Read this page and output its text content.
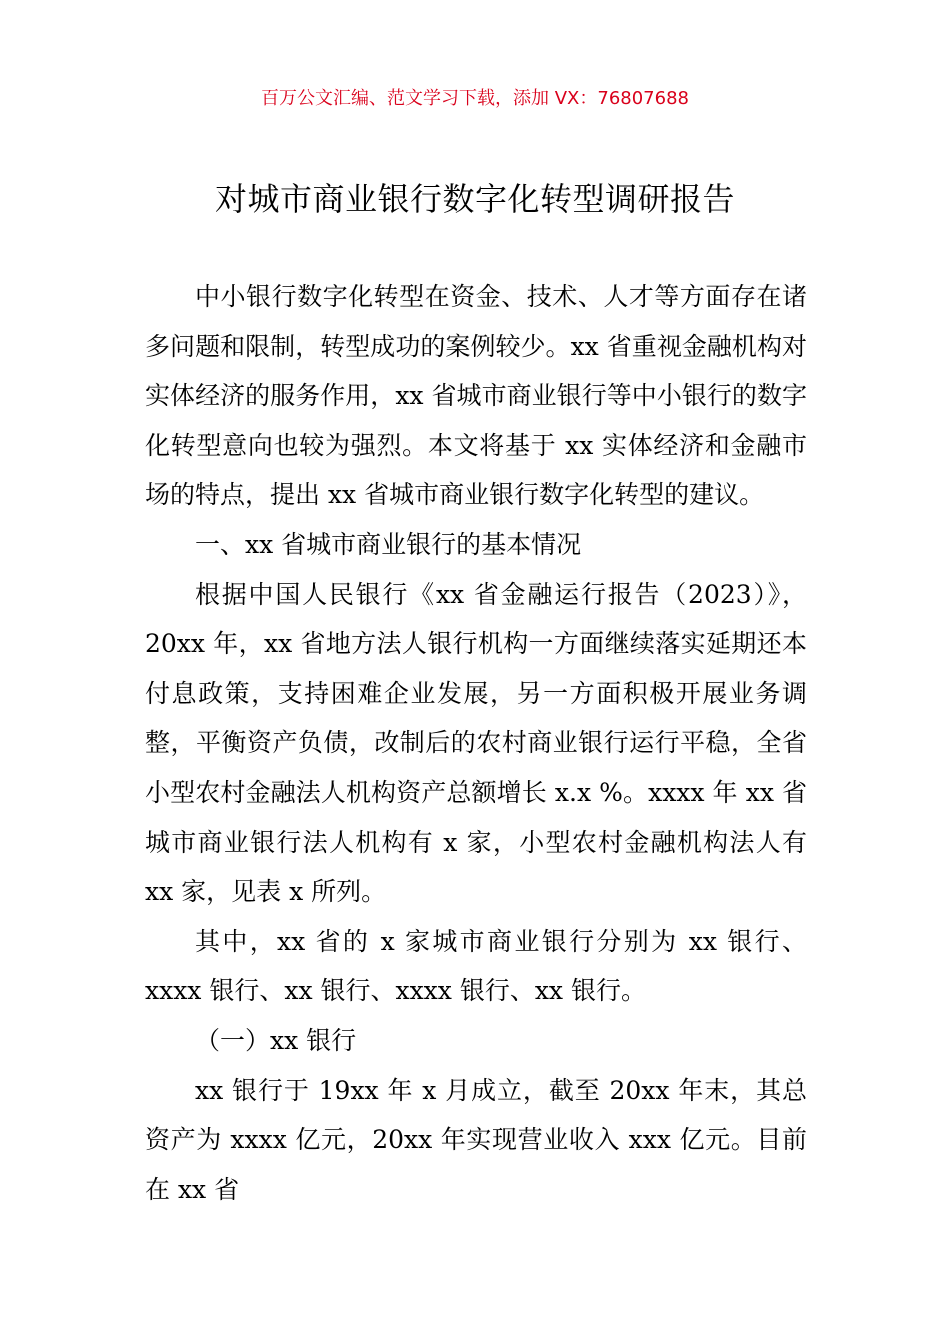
百万公文汇编、范文学习下载，添加 VX：76807688
对城市商业银行数字化转型调研报告

中小银行数字化转型在资金、技术、人才等方面存在诸多问题和限制，转型成功的案例较少。xx 省重视金融机构对实体经济的服务作用，xx 省城市商业银行等中小银行的数字化转型意向也较为强烈。本文将基于 xx 实体经济和金融市场的特点，提出 xx 省城市商业银行数字化转型的建议。

一、xx 省城市商业银行的基本情况

根据中国人民银行《xx 省金融运行报告（2023）》，20xx 年，xx 省地方法人银行机构一方面继续落实延期还本付息政策，支持困难企业发展，另一方面积极开展业务调整，平衡资产负债，改制后的农村商业银行运行平稳，全省小型农村金融法人机构资产总额增长 x.x %。xxxx 年 xx 省城市商业银行法人机构有 x 家，小型农村金融机构法人有 xx 家，见表 x 所列。

其中，xx 省的 x 家城市商业银行分别为 xx 银行、xxxx 银行、xx 银行、xxxx 银行、xx 银行。

（一）xx 银行

xx 银行于 19xx 年 x 月成立，截至 20xx 年末，其总资产为 xxxx 亿元，20xx 年实现营业收入 xxx 亿元。目前在 xx 省
